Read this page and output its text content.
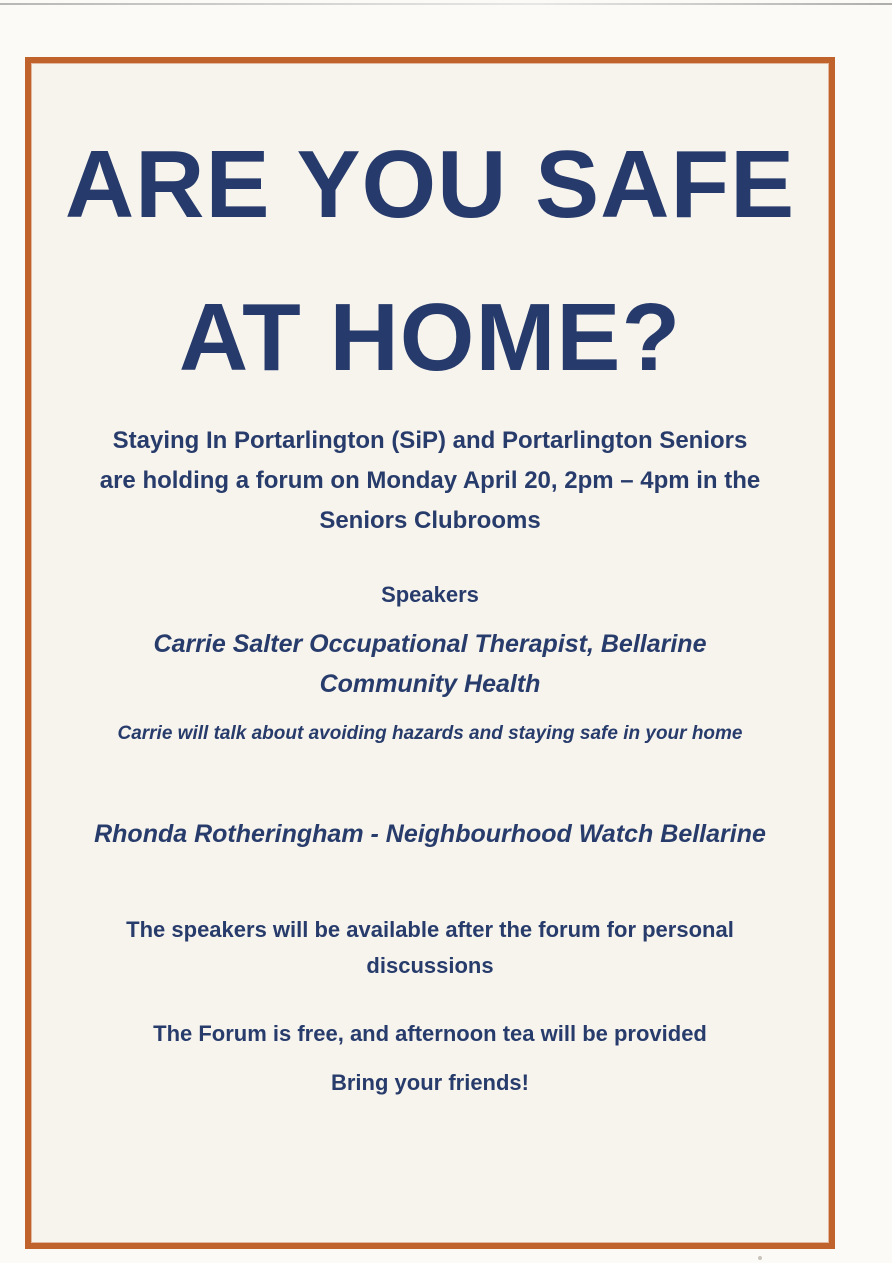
ARE YOU SAFE
AT HOME?
Staying In Portarlington (SiP) and Portarlington Seniors
are holding a forum on Monday April 20, 2pm – 4pm in the
Seniors Clubrooms
Speakers
Carrie Salter Occupational Therapist, Bellarine
Community Health
Carrie will talk about avoiding hazards and staying safe in your home
Rhonda Rotheringham - Neighbourhood Watch Bellarine
The speakers will be available after the forum for personal
discussions
The Forum is free, and afternoon tea will be provided
Bring your friends!
